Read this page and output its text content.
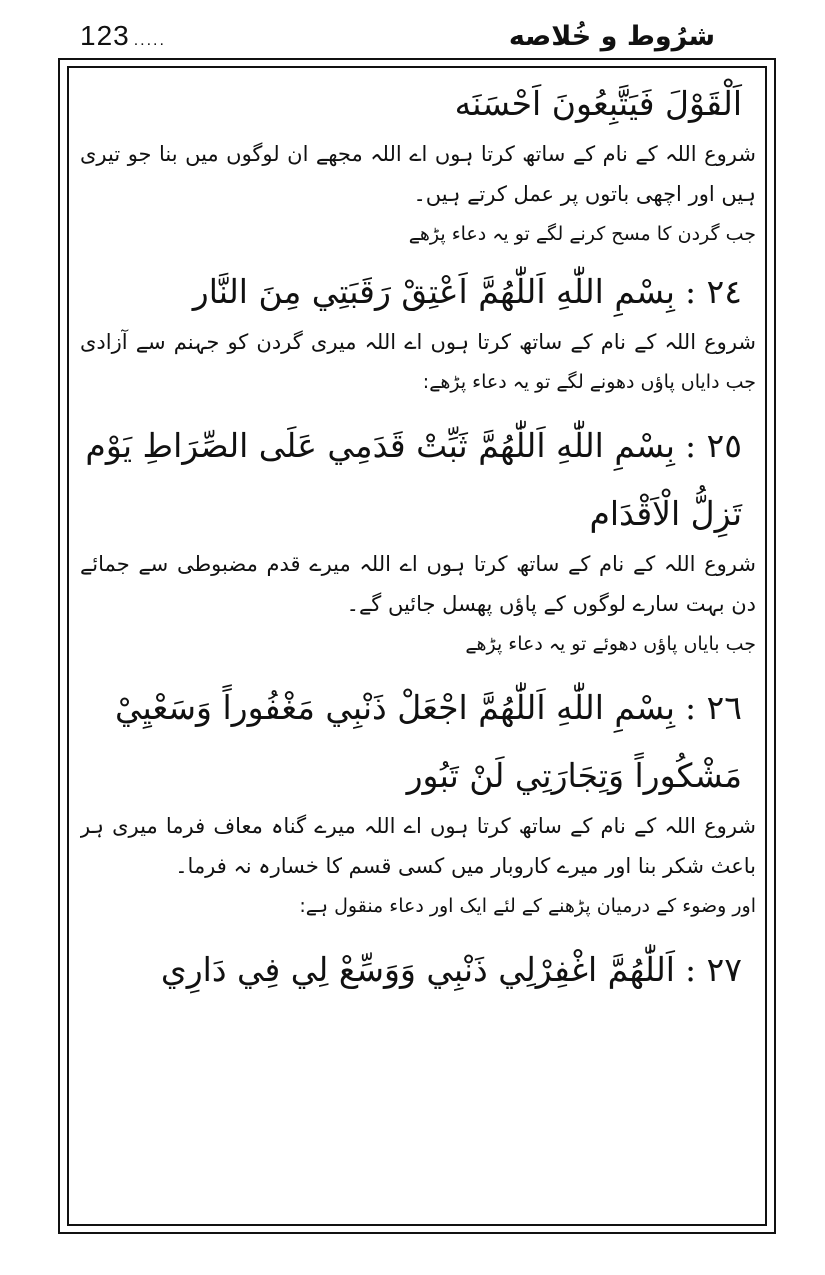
123 .....	شرُوط و خُلاصه
اَلْقَوْلَ فَيَتَّبِعُونَ اَحْسَنَه
شروع اللہ کے نام کے ساتھ کرتا ہوں اے اللہ مجھے ان لوگوں میں بنا جو تیری
ہیں اور اچھی باتوں پر عمل کرتے ہیں۔
جب گردن کا مسح کرنے لگے تو یہ دعاء پڑھے
٢٤ :بِسْمِ اللّٰهِ اَللّٰهُمَّ اَعْتِقْ رَقَبَتِي مِنَ النَّار
شروع اللہ کے نام کے ساتھ کرتا ہوں اے اللہ میری گردن کو جہنم سے آزادی
جب دایاں پاؤں دھونے لگے تو یہ دعاء پڑھے:
٢٥ :بِسْمِ اللّٰهِ اَللّٰهُمَّ ثَبِّتْ قَدَمِي عَلَى الصِّرَاطِ يَوْم
تَزِلُّ الْاَقْدَام
شروع اللہ کے نام کے ساتھ کرتا ہوں اے اللہ میرے قدم مضبوطی سے جمائے
دن بہت سارے لوگوں کے پاؤں پھسل جائیں گے۔
جب بایاں پاؤں دھوئے تو یہ دعاء پڑھے
٢٦ :بِسْمِ اللّٰهِ اَللّٰهُمَّ اجْعَلْ ذَنْبِي مَغْفُوراً وَسَعْيِيْ
مَشْكُوراً وَتِجَارَتِي لَنْ تَبُور
شروع اللہ کے نام کے ساتھ کرتا ہوں اے اللہ میرے گناہ معاف فرما میری ہر
باعث شکر بنا اور میرے کاروبار میں کسی قسم کا خسارہ نہ فرما۔
اور وضوء کے درمیان پڑھنے کے لئے ایک اور دعاء منقول ہے:
٢٧ :اَللّٰهُمَّ اغْفِرْلِي ذَنْبِي وَوَسِّعْ لِي فِي دَارِي
